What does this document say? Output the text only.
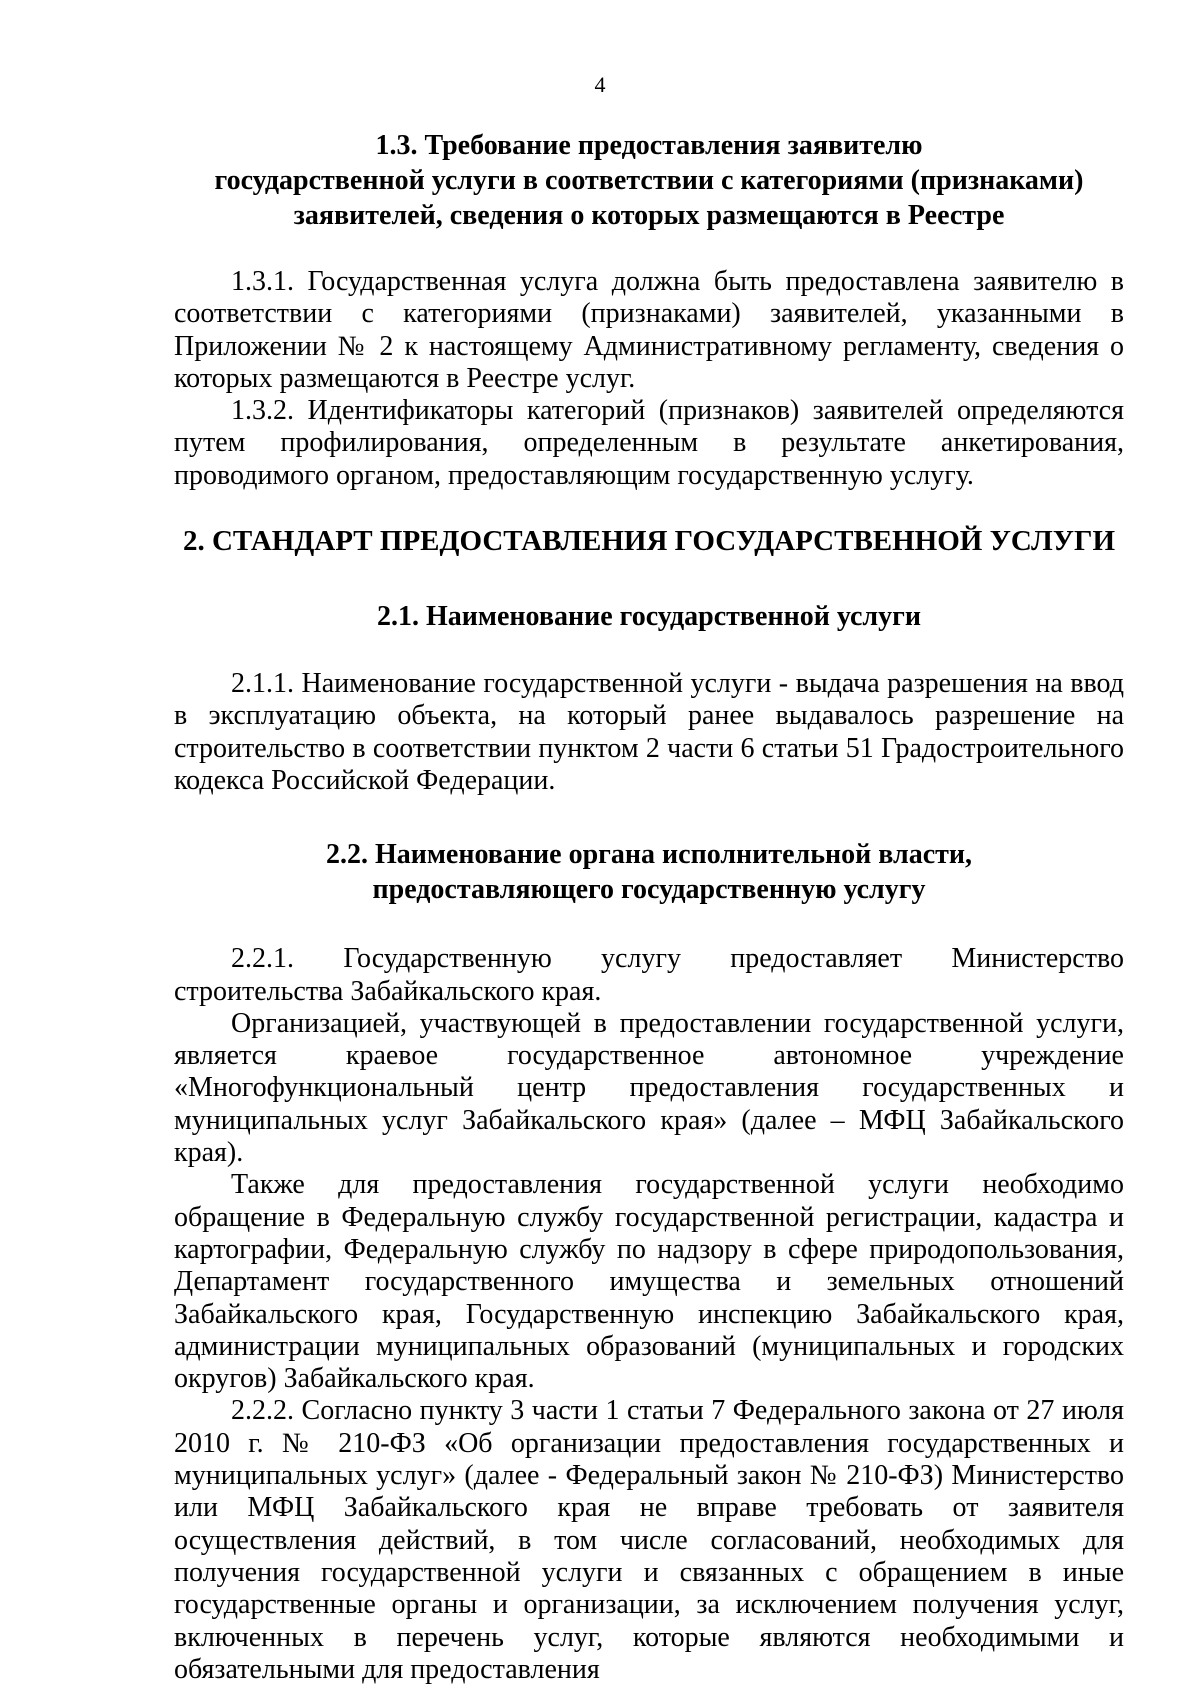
4
1.3. Требование предоставления заявителю
государственной услуги в соответствии с категориями (признаками)
заявителей, сведения о которых размещаются в Реестре

1.3.1. Государственная услуга должна быть предоставлена заявителю в соответствии с категориями (признаками) заявителей, указанными в Приложении № 2 к настоящему Административному регламенту, сведения о которых размещаются в Реестре услуг.

1.3.2. Идентификаторы категорий (признаков) заявителей определяются путем профилирования, определенным в результате анкетирования, проводимого органом, предоставляющим государственную услугу.

2. СТАНДАРТ ПРЕДОСТАВЛЕНИЯ ГОСУДАРСТВЕННОЙ УСЛУГИ
2.1. Наименование государственной услуги

2.1.1. Наименование государственной услуги - выдача разрешения на ввод в эксплуатацию объекта, на который ранее выдавалось разрешение на строительство в соответствии пунктом 2 части 6 статьи 51 Градостроительного кодекса Российской Федерации.

2.2. Наименование органа исполнительной власти,
предоставляющего государственную услугу

2.2.1. Государственную услугу предоставляет Министерство строительства Забайкальского края.

Организацией, участвующей в предоставлении государственной услуги, является краевое государственное автономное учреждение «Многофункциональный центр предоставления государственных и муниципальных услуг Забайкальского края» (далее – МФЦ Забайкальского края).

Также для предоставления государственной услуги необходимо обращение в Федеральную службу государственной регистрации, кадастра и картографии, Федеральную службу по надзору в сфере природопользования, Департамент государственного имущества и земельных отношений Забайкальского края, Государственную инспекцию Забайкальского края, администрации муниципальных образований (муниципальных и городских округов) Забайкальского края.

2.2.2. Согласно пункту 3 части 1 статьи 7 Федерального закона от 27 июля 2010 г. № 210-ФЗ «Об организации предоставления государственных и муниципальных услуг» (далее - Федеральный закон № 210-ФЗ) Министерство или МФЦ Забайкальского края не вправе требовать от заявителя осуществления действий, в том числе согласований, необходимых для получения государственной услуги и связанных с обращением в иные государственные органы и организации, за исключением получения услуг, включенных в перечень услуг, которые являются необходимыми и обязательными для предоставления
